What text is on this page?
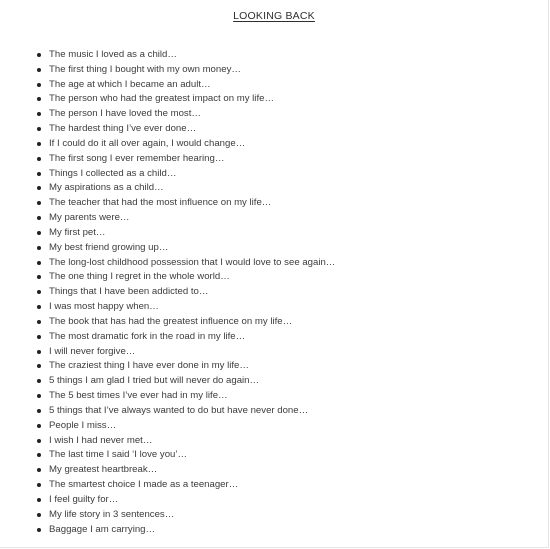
LOOKING BACK
The music I loved as a child…
The first thing I bought with my own money…
The age at which I became an adult…
The person who had the greatest impact on my life…
The person I have loved the most…
The hardest thing I’ve ever done…
If I could do it all over again, I would change…
The first song I ever remember hearing…
Things I collected as a child…
My aspirations as a child…
The teacher that had the most influence on my life…
My parents were…
My first pet…
My best friend growing up…
The long-lost childhood possession that I would love to see again…
The one thing I regret in the whole world…
Things that I have been addicted to…
I was most happy when…
The book that has had the greatest influence on my life…
The most dramatic fork in the road in my life…
I will never forgive…
The craziest thing I have ever done in my life…
5 things I am glad I tried but will never do again…
The 5 best times I’ve ever had in my life…
5 things that I’ve always wanted to do but have never done…
People I miss…
I wish I had never met…
The last time I said ‘I love you’…
My greatest heartbreak…
The smartest choice I made as a teenager…
I feel guilty for…
My life story in 3 sentences…
Baggage I am carrying…
